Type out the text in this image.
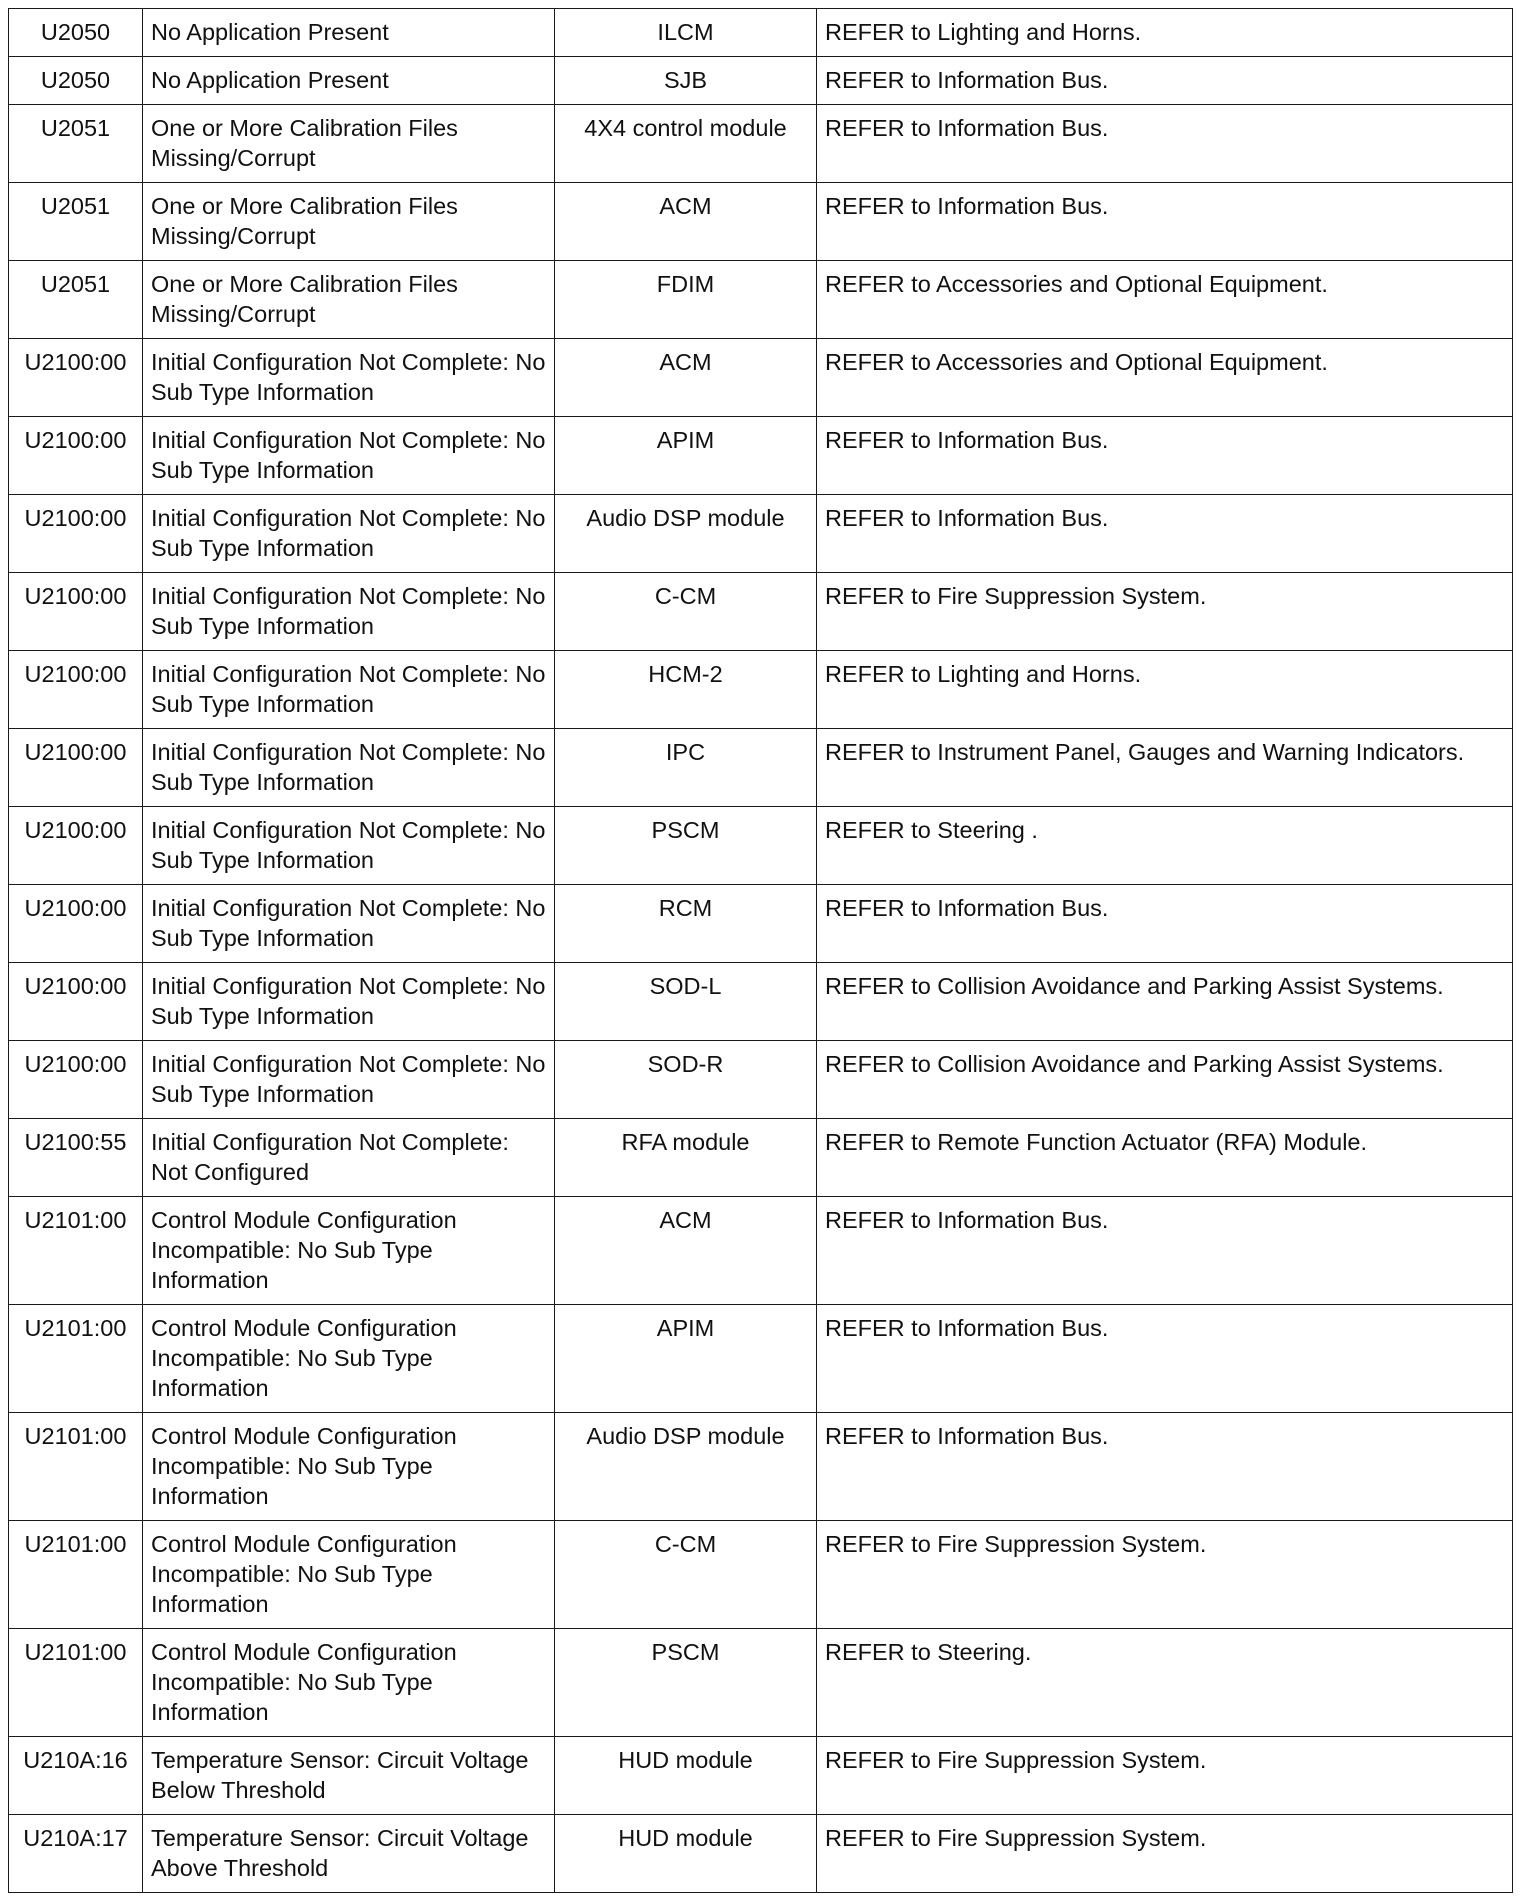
U2050	No Application Present	ILCM	REFER to Lighting and Horns.
U2050	No Application Present	SJB	REFER to Information Bus.
U2051	One or More Calibration Files Missing/Corrupt	4X4 control module	REFER to Information Bus.
U2051	One or More Calibration Files Missing/Corrupt	ACM	REFER to Information Bus.
U2051	One or More Calibration Files Missing/Corrupt	FDIM	REFER to Accessories and Optional Equipment.
U2100:00	Initial Configuration Not Complete: No Sub Type Information	ACM	REFER to Accessories and Optional Equipment.
U2100:00	Initial Configuration Not Complete: No Sub Type Information	APIM	REFER to Information Bus.
U2100:00	Initial Configuration Not Complete: No Sub Type Information	Audio DSP module	REFER to Information Bus.
U2100:00	Initial Configuration Not Complete: No Sub Type Information	C-CM	REFER to Fire Suppression System.
U2100:00	Initial Configuration Not Complete: No Sub Type Information	HCM-2	REFER to Lighting and Horns.
U2100:00	Initial Configuration Not Complete: No Sub Type Information	IPC	REFER to Instrument Panel, Gauges and Warning Indicators.
U2100:00	Initial Configuration Not Complete: No Sub Type Information	PSCM	REFER to Steering .
U2100:00	Initial Configuration Not Complete: No Sub Type Information	RCM	REFER to Information Bus.
U2100:00	Initial Configuration Not Complete: No Sub Type Information	SOD-L	REFER to Collision Avoidance and Parking Assist Systems.
U2100:00	Initial Configuration Not Complete: No Sub Type Information	SOD-R	REFER to Collision Avoidance and Parking Assist Systems.
U2100:55	Initial Configuration Not Complete: Not Configured	RFA module	REFER to Remote Function Actuator (RFA) Module.
U2101:00	Control Module Configuration Incompatible: No Sub Type Information	ACM	REFER to Information Bus.
U2101:00	Control Module Configuration Incompatible: No Sub Type Information	APIM	REFER to Information Bus.
U2101:00	Control Module Configuration Incompatible: No Sub Type Information	Audio DSP module	REFER to Information Bus.
U2101:00	Control Module Configuration Incompatible: No Sub Type Information	C-CM	REFER to Fire Suppression System.
U2101:00	Control Module Configuration Incompatible: No Sub Type Information	PSCM	REFER to Steering.
U210A:16	Temperature Sensor: Circuit Voltage Below Threshold	HUD module	REFER to Fire Suppression System.
U210A:17	Temperature Sensor: Circuit Voltage Above Threshold	HUD module	REFER to Fire Suppression System.
